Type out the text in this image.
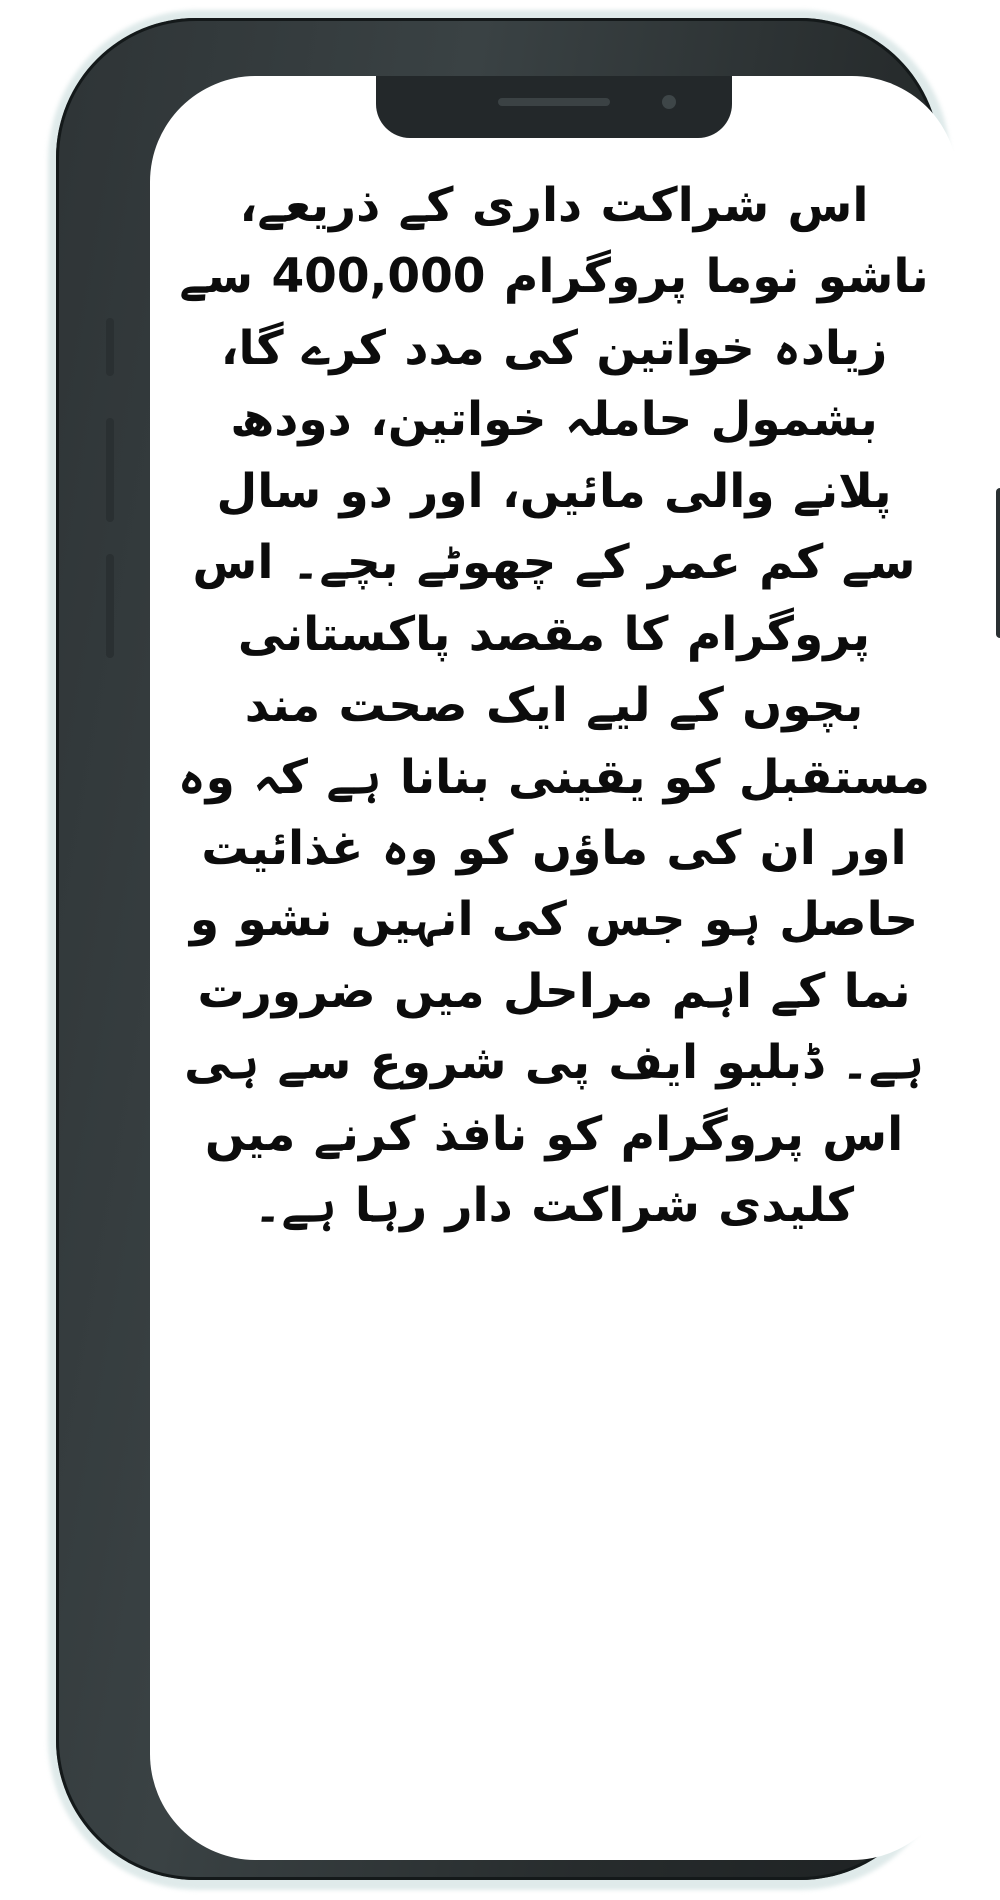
اس شراکت داری کے ذریعے، ناشو نوما پروگرام 400,000 سے زیادہ خواتین کی مدد کرے گا، بشمول حاملہ خواتین، دودھ پلانے والی مائیں، اور دو سال سے کم عمر کے چھوٹے بچے۔ اس پروگرام کا مقصد پاکستانی بچوں کے لیے ایک صحت مند مستقبل کو یقینی بنانا ہے کہ وہ اور ان کی ماؤں کو وہ غذائیت حاصل ہو جس کی انہیں نشو و نما کے اہم مراحل میں ضرورت ہے۔ ڈبلیو ایف پی شروع سے ہی اس پروگرام کو نافذ کرنے میں کلیدی شراکت دار رہا ہے۔
